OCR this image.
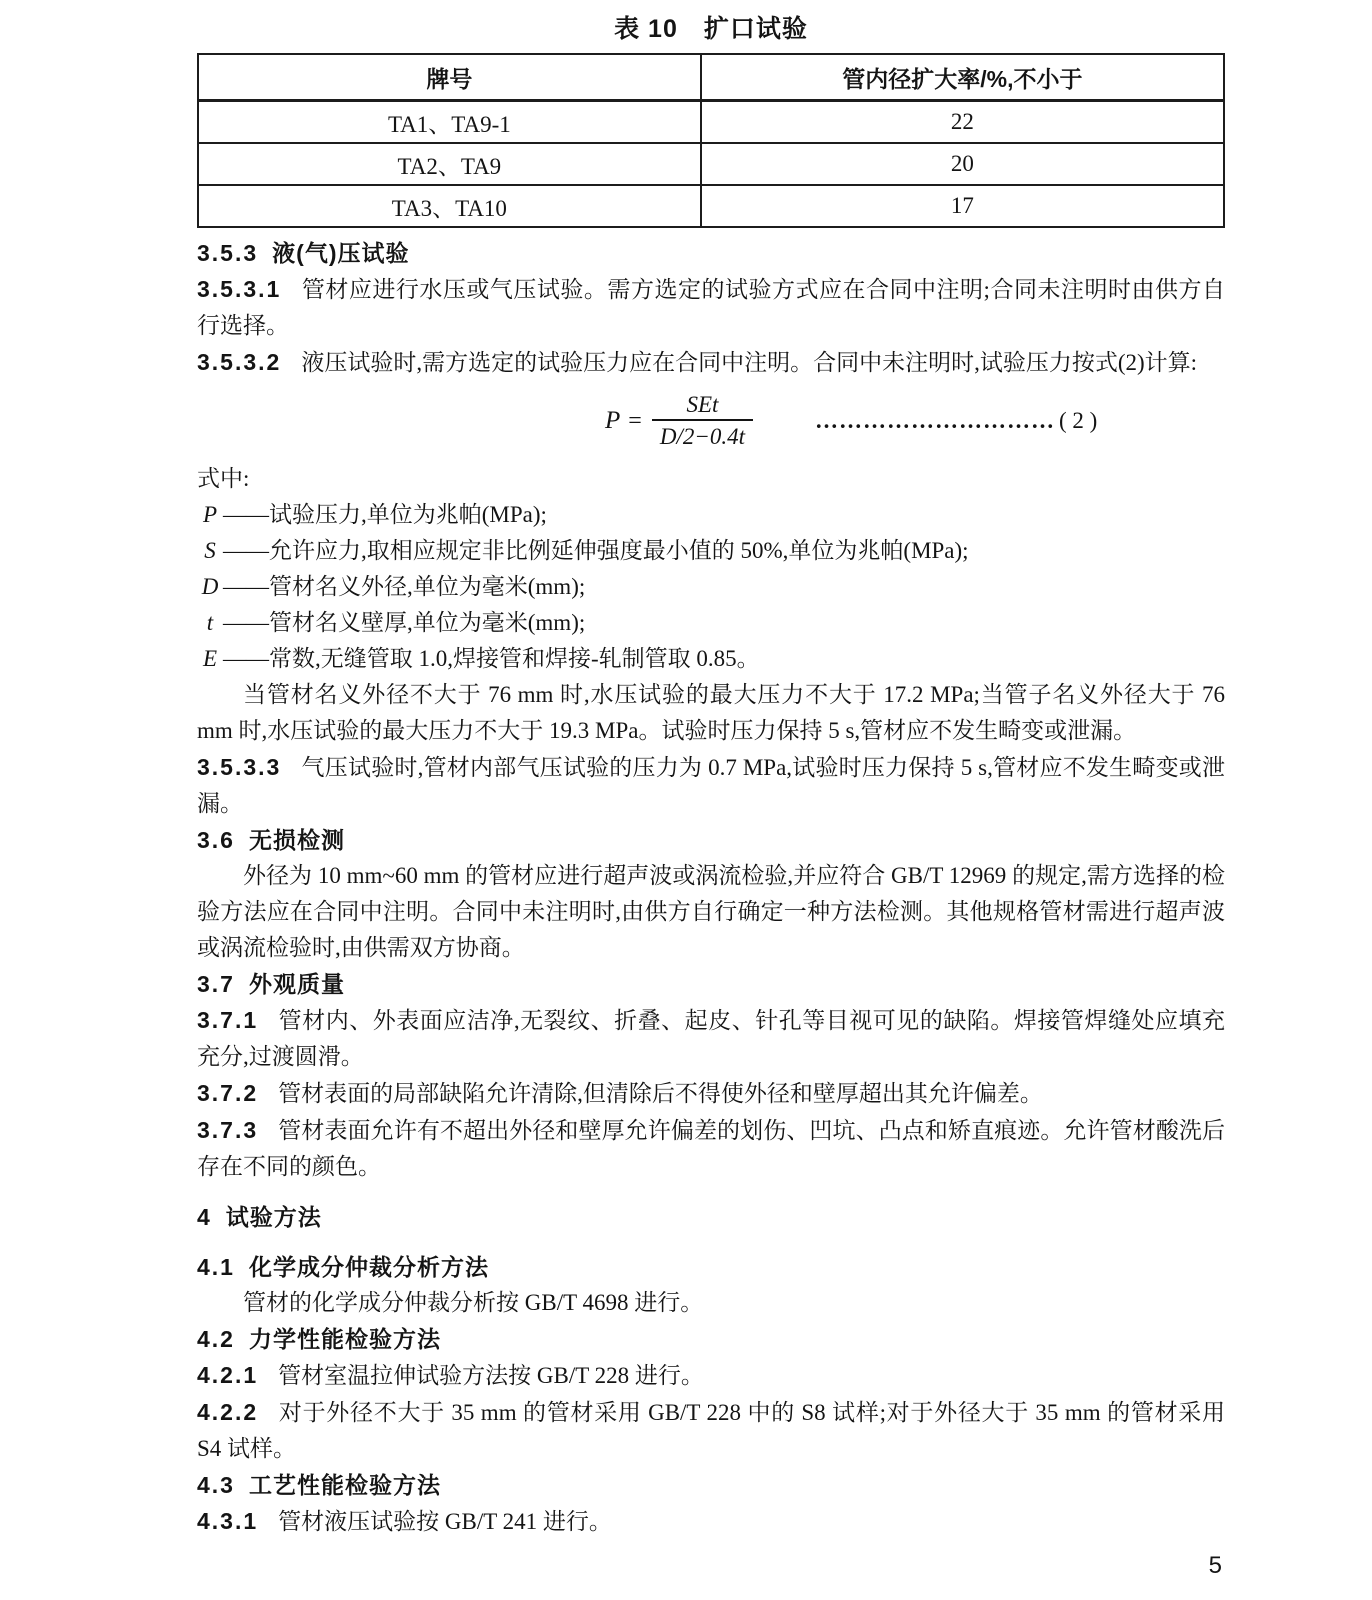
表 10　扩口试验
牌号	管内径扩大率/%,不小于
TA1、TA9-1	22
TA2、TA9	20
TA3、TA10	17

3.5.3 液(气)压试验

3.5.3.1 管材应进行水压或气压试验。需方选定的试验方式应在合同中注明;合同未注明时由供方自行选择。

3.5.3.2 液压试验时,需方选定的试验压力应在合同中注明。合同中未注明时,试验压力按式(2)计算:

$P = \frac{\text{SEt}}{D/2-0.4t}$	………………………… ( 2 )

式中:

P ——试验压力,单位为兆帕(MPa);

S ——允许应力,取相应规定非比例延伸强度最小值的 50%,单位为兆帕(MPa);

D ——管材名义外径,单位为毫米(mm);

t ——管材名义壁厚,单位为毫米(mm);

E ——常数,无缝管取 1.0,焊接管和焊接-轧制管取 0.85。

当管材名义外径不大于 76 mm 时,水压试验的最大压力不大于 17.2 MPa;当管子名义外径大于 76 mm 时,水压试验的最大压力不大于 19.3 MPa。试验时压力保持 5 s,管材应不发生畸变或泄漏。

3.5.3.3 气压试验时,管材内部气压试验的压力为 0.7 MPa,试验时压力保持 5 s,管材应不发生畸变或泄漏。

3.6 无损检测

外径为 10 mm~60 mm 的管材应进行超声波或涡流检验,并应符合 GB/T 12969 的规定,需方选择的检验方法应在合同中注明。合同中未注明时,由供方自行确定一种方法检测。其他规格管材需进行超声波或涡流检验时,由供需双方协商。

3.7 外观质量

3.7.1 管材内、外表面应洁净,无裂纹、折叠、起皮、针孔等目视可见的缺陷。焊接管焊缝处应填充充分,过渡圆滑。

3.7.2 管材表面的局部缺陷允许清除,但清除后不得使外径和壁厚超出其允许偏差。

3.7.3 管材表面允许有不超出外径和壁厚允许偏差的划伤、凹坑、凸点和矫直痕迹。允许管材酸洗后存在不同的颜色。

4 试验方法

4.1 化学成分仲裁分析方法

管材的化学成分仲裁分析按 GB/T 4698 进行。

4.2 力学性能检验方法

4.2.1 管材室温拉伸试验方法按 GB/T 228 进行。

4.2.2 对于外径不大于 35 mm 的管材采用 GB/T 228 中的 S8 试样;对于外径大于 35 mm 的管材采用 S4 试样。

4.3 工艺性能检验方法

4.3.1 管材液压试验按 GB/T 241 进行。

5
